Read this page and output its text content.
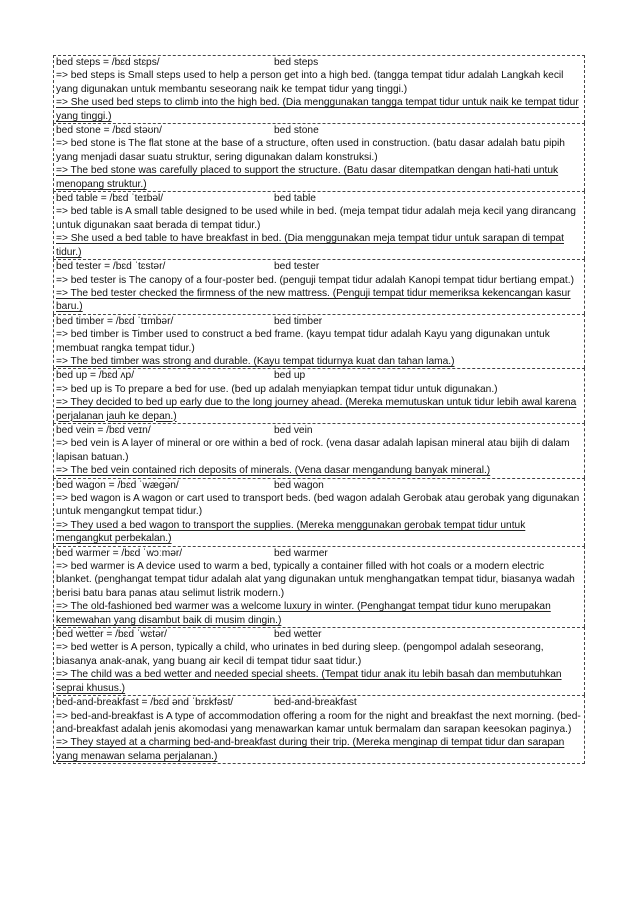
bed steps = /bɛd stɛps/	bed steps

=> bed steps is Small steps used to help a person get into a high bed. (tangga tempat tidur adalah Langkah kecil yang digunakan untuk membantu seseorang naik ke tempat tidur yang tinggi.)

=> She used bed steps to climb into the high bed. (Dia menggunakan tangga tempat tidur untuk naik ke tempat tidur yang tinggi.)

bed stone = /bɛd stəʊn/	bed stone

=> bed stone is The flat stone at the base of a structure, often used in construction. (batu dasar adalah batu pipih yang menjadi dasar suatu struktur, sering digunakan dalam konstruksi.)

=> The bed stone was carefully placed to support the structure. (Batu dasar ditempatkan dengan hati-hati untuk menopang struktur.)

bed table = /bɛd ˈteɪbəl/	bed table

=> bed table is A small table designed to be used while in bed. (meja tempat tidur adalah meja kecil yang dirancang untuk digunakan saat berada di tempat tidur.)

=> She used a bed table to have breakfast in bed. (Dia menggunakan meja tempat tidur untuk sarapan di tempat tidur.)

bed tester = /bɛd ˈtɛstər/	bed tester

=> bed tester is The canopy of a four-poster bed. (penguji tempat tidur adalah Kanopi tempat tidur bertiang empat.)

=> The bed tester checked the firmness of the new mattress. (Penguji tempat tidur memeriksa kekencangan kasur baru.)

bed timber = /bɛd ˈtɪmbər/	bed timber

=> bed timber is Timber used to construct a bed frame. (kayu tempat tidur adalah Kayu yang digunakan untuk membuat rangka tempat tidur.)

=> The bed timber was strong and durable. (Kayu tempat tidurnya kuat dan tahan lama.)

bed up = /bɛd ʌp/	bed up

=> bed up is To prepare a bed for use. (bed up adalah menyiapkan tempat tidur untuk digunakan.)

=> They decided to bed up early due to the long journey ahead. (Mereka memutuskan untuk tidur lebih awal karena perjalanan jauh ke depan.)

bed vein = /bɛd veɪn/	bed vein

=> bed vein is A layer of mineral or ore within a bed of rock. (vena dasar adalah lapisan mineral atau bijih di dalam lapisan batuan.)

=> The bed vein contained rich deposits of minerals. (Vena dasar mengandung banyak mineral.)

bed wagon = /bɛd ˈwæɡən/	bed wagon

=> bed wagon is A wagon or cart used to transport beds. (bed wagon adalah Gerobak atau gerobak yang digunakan untuk mengangkut tempat tidur.)

=> They used a bed wagon to transport the supplies. (Mereka menggunakan gerobak tempat tidur untuk mengangkut perbekalan.)

bed warmer = /bɛd ˈwɔːmər/	bed warmer

=> bed warmer is A device used to warm a bed, typically a container filled with hot coals or a modern electric blanket. (penghangat tempat tidur adalah alat yang digunakan untuk menghangatkan tempat tidur, biasanya wadah berisi batu bara panas atau selimut listrik modern.)

=> The old-fashioned bed warmer was a welcome luxury in winter. (Penghangat tempat tidur kuno merupakan kemewahan yang disambut baik di musim dingin.)

bed wetter = /bɛd ˈwɛtər/	bed wetter

=> bed wetter is A person, typically a child, who urinates in bed during sleep. (pengompol adalah seseorang, biasanya anak-anak, yang buang air kecil di tempat tidur saat tidur.)

=> The child was a bed wetter and needed special sheets. (Tempat tidur anak itu lebih basah dan membutuhkan seprai khusus.)

bed-and-breakfast = /bɛd ənd ˈbrɛkfəst/	bed-and-breakfast

=> bed-and-breakfast is A type of accommodation offering a room for the night and breakfast the next morning. (bed-and-breakfast adalah jenis akomodasi yang menawarkan kamar untuk bermalam dan sarapan keesokan paginya.)

=> They stayed at a charming bed-and-breakfast during their trip. (Mereka menginap di tempat tidur dan sarapan yang menawan selama perjalanan.)
